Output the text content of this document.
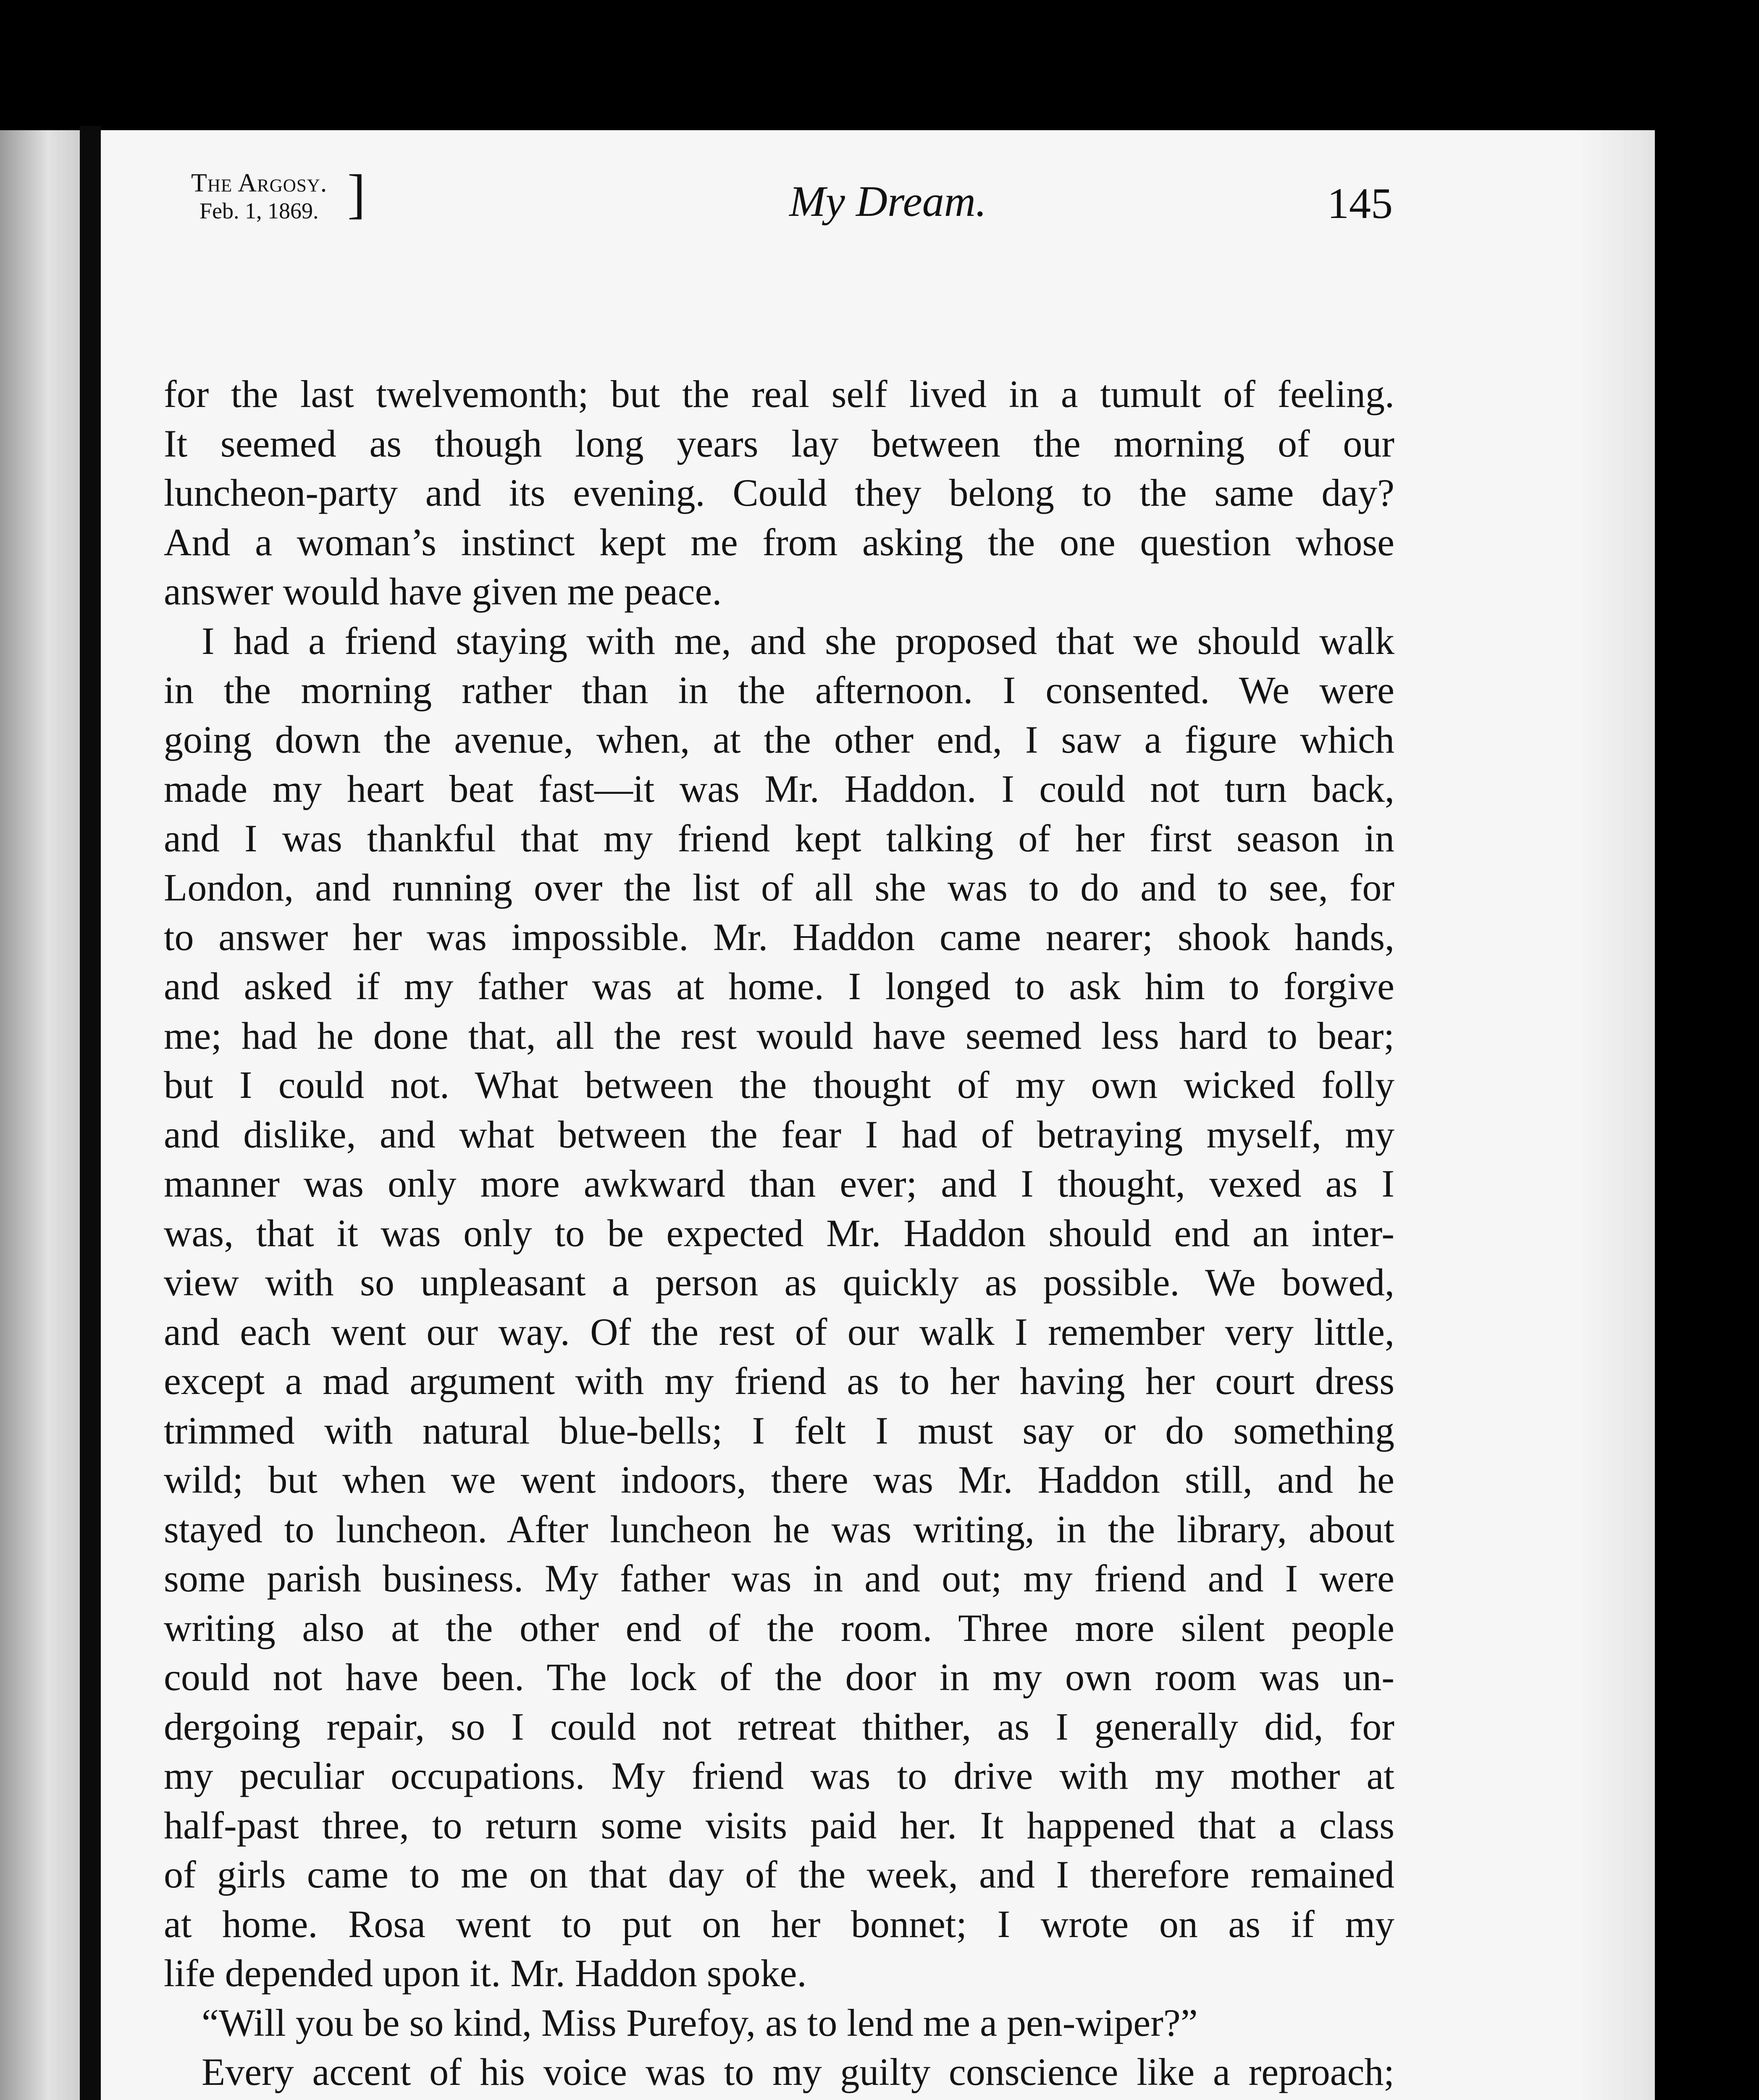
The Argosy.
Feb. 1, 1869. ]	My Dream.	145
for the last twelvemonth; but the real self lived in a tumult of feeling.
It seemed as though long years lay between the morning of our
luncheon-party and its evening. Could they belong to the same day?
And a woman’s instinct kept me from asking the one question whose
answer would have given me peace.
I had a friend staying with me, and she proposed that we should walk
in the morning rather than in the afternoon. I consented. We were
going down the avenue, when, at the other end, I saw a figure which
made my heart beat fast—it was Mr. Haddon. I could not turn back,
and I was thankful that my friend kept talking of her first season in
London, and running over the list of all she was to do and to see, for
to answer her was impossible. Mr. Haddon came nearer; shook hands,
and asked if my father was at home. I longed to ask him to forgive
me; had he done that, all the rest would have seemed less hard to bear;
but I could not. What between the thought of my own wicked folly
and dislike, and what between the fear I had of betraying myself, my
manner was only more awkward than ever; and I thought, vexed as I
was, that it was only to be expected Mr. Haddon should end an inter-
view with so unpleasant a person as quickly as possible. We bowed,
and each went our way. Of the rest of our walk I remember very little,
except a mad argument with my friend as to her having her court dress
trimmed with natural blue-bells; I felt I must say or do something
wild; but when we went indoors, there was Mr. Haddon still, and he
stayed to luncheon. After luncheon he was writing, in the library, about
some parish business. My father was in and out; my friend and I were
writing also at the other end of the room. Three more silent people
could not have been. The lock of the door in my own room was un-
dergoing repair, so I could not retreat thither, as I generally did, for
my peculiar occupations. My friend was to drive with my mother at
half-past three, to return some visits paid her. It happened that a class
of girls came to me on that day of the week, and I therefore remained
at home. Rosa went to put on her bonnet; I wrote on as if my
life depended upon it. Mr. Haddon spoke.
“Will you be so kind, Miss Purefoy, as to lend me a pen-wiper?”
Every accent of his voice was to my guilty conscience like a reproach;
